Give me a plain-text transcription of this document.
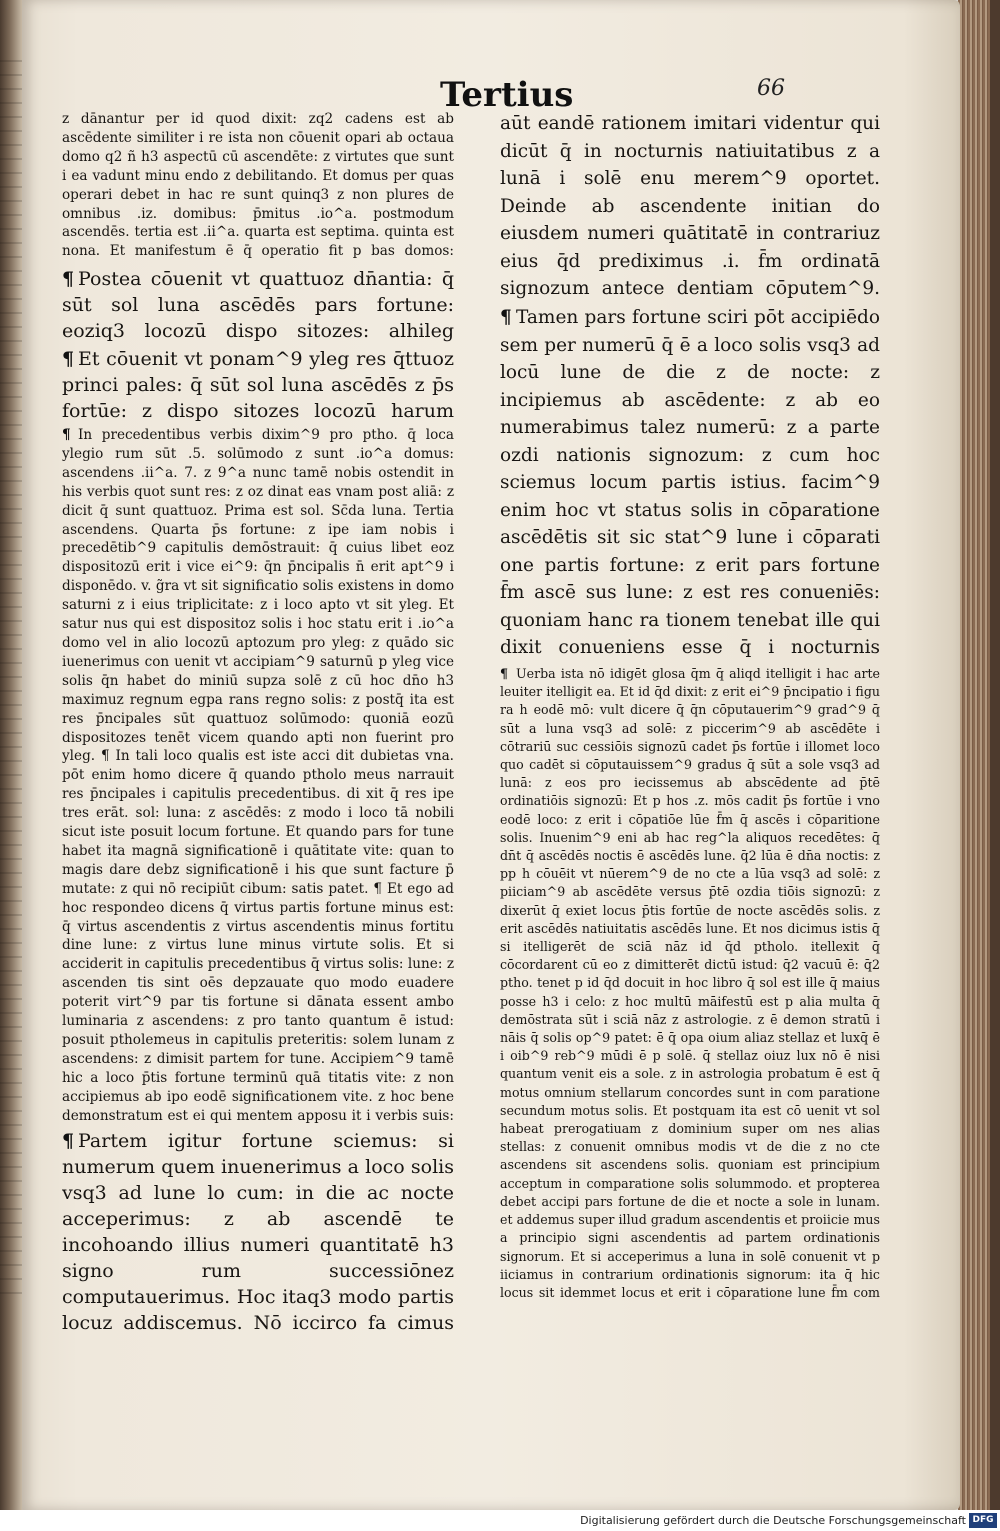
Tertius	66

z dānantur per id quod dixit: zq2 cadens est ab ascēdente similiter i re ista non cōuenit opari ab octaua domo q2 ñ h3 aspectū cū ascendēte: z virtutes que sunt i ea vadunt minu endo z debilitando. Et domus per quas operari debet in hac re sunt quinq3 z non plures de omnibus .iz. domibus: p̄mitus .io^a. postmodum ascendēs. tertia est .ii^a. quarta est septima. quinta est nona. Et manifestum ē q̄ operatio fit p bas domos:

¶ Postea cōuenit vt quattuoz dn̄antia: q̄ sūt sol luna ascēdēs pars fortune: eoziq3 locozū dispo sitozes: alhileg

¶ Et cōuenit vt ponam^9 yleg res q̄ttuoz princi pales: q̄ sūt sol luna ascēdēs z p̄s fortūe: z dispo sitozes locozū harum

¶ In precedentibus verbis dixim^9 pro ptho. q̄ loca ylegio rum sūt .5. solūmodo z sunt .io^a domus: ascendens .ii^a. 7. z 9^a nunc tamē nobis ostendit in his verbis quot sunt res: z oz dinat eas vnam post aliā: z dicit q̄ sunt quattuoz. Prima est sol. Sc̄da luna. Tertia ascendens. Quarta p̄s fortune: z ipe iam nobis i precedētib^9 capitulis demōstrauit: q̄ cuius libet eoz dispositozū erit i vice ei^9: q̄n p̄ncipalis n̄ erit apt^9 i disponēdo. v. g̃ra vt sit significatio solis existens in domo saturni z i eius triplicitate: z i loco apto vt sit yleg. Et satur nus qui est dispositoz solis i hoc statu erit i .io^a domo vel in alio locozū aptozum pro yleg: z quādo sic iuenerimus con uenit vt accipiam^9 saturnū p yleg vice solis q̄n habet do miniū supza solē z cū hoc dn̄o h3 maximuz regnum egpa rans regno solis: z postq̄ ita est res p̄ncipales sūt quattuoz solūmodo: quoniā eozū dispositozes tenēt vicem quando apti non fuerint pro yleg. ¶ In tali loco qualis est iste acci dit dubietas vna. pōt enim homo dicere q̄ quando ptholo meus narrauit res p̄ncipales i capitulis precedentibus. di xit q̄ res ipe tres erāt. sol: luna: z ascēdēs: z modo i loco tā nobili sicut iste posuit locum fortune. Et quando pars for tune habet ita magnā significationē i quātitate vite: quan to magis dare debz significationē i his que sunt facture p̄ mutate: z qui nō recipiūt cibum: satis patet. ¶ Et ego ad hoc respondeo dicens q̄ virtus partis fortune minus est: q̄ virtus ascendentis z virtus ascendentis minus fortitu dine lune: z virtus lune minus virtute solis. Et si acciderit in capitulis precedentibus q̄ virtus solis: lune: z ascenden tis sint oēs depzauate quo modo euadere poterit virt^9 par tis fortune si dānata essent ambo luminaria z ascendens: z pro tanto quantum ē istud: posuit ptholemeus in capitulis preteritis: solem lunam z ascendens: z dimisit partem for tune. Accipiem^9 tamē hic a loco p̄tis fortune terminū quā titatis vite: z non accipiemus ab ipo eodē significationem vite. z hoc bene demonstratum est ei qui mentem apposu it i verbis suis:

¶ Partem igitur fortune sciemus: si numerum quem inuenerimus a loco solis vsq3 ad lune lo cum: in die ac nocte acceperimus: z ab ascendē te incohoando illius numeri quantitatē h3 signo rum successiōnez computauerimus. Hoc itaq3 modo partis locuz addiscemus. Nō iccirco fa cimus

aūt eandē rationem imitari videntur qui dicūt q̄ in nocturnis natiuitatibus z a lunā i solē enu merem^9 oportet. Deinde ab ascendente initian do eiusdem numeri quātitatē in contrariuz eius q̄d prediximus .i. f̄m ordinatā signozum antece dentiam cōputem^9.

¶ Tamen pars fortune sciri pōt accipiēdo sem per numerū q̄ ē a loco solis vsq3 ad locū lune de die z de nocte: z incipiemus ab ascēdente: z ab eo numerabimus talez numerū: z a parte ozdi nationis signozum: z cum hoc sciemus locum partis istius. facim^9 enim hoc vt status solis in cōparatione ascēdētis sit sic stat^9 lune i cōparati one partis fortune: z erit pars fortune f̄m ascē sus lune: z est res conueniēs: quoniam hanc ra tionem tenebat ille qui dixit conueniens esse q̄ i nocturnis

¶ Uerba ista nō idigēt glosa q̄m q̄ aliqd itelligit i hac arte leuiter itelligit ea. Et id q̄d dixit: z erit ei^9 p̄ncipatio i figu ra h eodē mō: vult dicere q̄ q̄n cōputauerim^9 grad^9 q̄ sūt a luna vsq3 ad solē: z piccerim^9 ab ascēdēte i cōtrariū suc cessiōis signozū cadet p̄s fortūe i illomet loco quo cadēt si cōputauissem^9 gradus q̄ sūt a sole vsq3 ad lunā: z eos pro iecissemus ab abscēdente ad p̄tē ordinatiōis signozū: Et p hos .z. mōs cadit p̄s fortūe i vno eodē loco: z erit i cōpatiōe lūe f̄m q̄ ascēs i cōparitione solis. Inuenim^9 eni ab hac reg^la aliquos recedētes: q̄ dn̄t q̄ ascēdēs noctis ē ascēdēs lune. q̄2 lūa ē dn̄a noctis: z pp h cōuēit vt nūerem^9 de no cte a lūa vsq3 ad solē: z piiciam^9 ab ascēdēte versus p̄tē ozdia tiōis signozū: z dixerūt q̄ exiet locus p̄tis fortūe de nocte ascēdēs solis. z erit ascēdēs natiuitatis ascēdēs lune. Et nos dicimus istis q̄ si itelligerēt de sciā nāz id q̄d ptholo. itellexit q̄ cōcordarent cū eo z dimitterēt dictū istud: q̄2 vacuū ē: q̄2 ptho. tenet p id q̄d docuit in hoc libro q̄ sol est ille q̄ maius posse h3 i celo: z hoc multū māifestū est p alia multa q̄ demōstrata sūt i sciā nāz z astrologie. z ē demon stratū i nāis q̄ solis op^9 patet: ē q̄ opa oium aliaz stellaz et luxq̄ ē i oib^9 reb^9 mūdi ē p solē. q̄ stellaz oiuz lux nō ē nisi quantum venit eis a sole. z in astrologia probatum ē est q̄ motus omnium stellarum concordes sunt in com paratione secundum motus solis. Et postquam ita est cō uenit vt sol habeat prerogatiuam z dominium super om nes alias stellas: z conuenit omnibus modis vt de die z no cte ascendens sit ascendens solis. quoniam est principium acceptum in comparatione solis solummodo. et propterea debet accipi pars fortune de die et nocte a sole in lunam. et addemus super illud gradum ascendentis et proiicie mus a principio signi ascendentis ad partem ordinationis signorum. Et si acceperimus a luna in solē conuenit vt p iiciamus in contrarium ordinationis signorum: ita q̄ hic locus sit idemmet locus et erit i cōparatione lune f̄m com

Digitalisierung gefördert durch die Deutsche Forschungsgemeinschaft DFG
